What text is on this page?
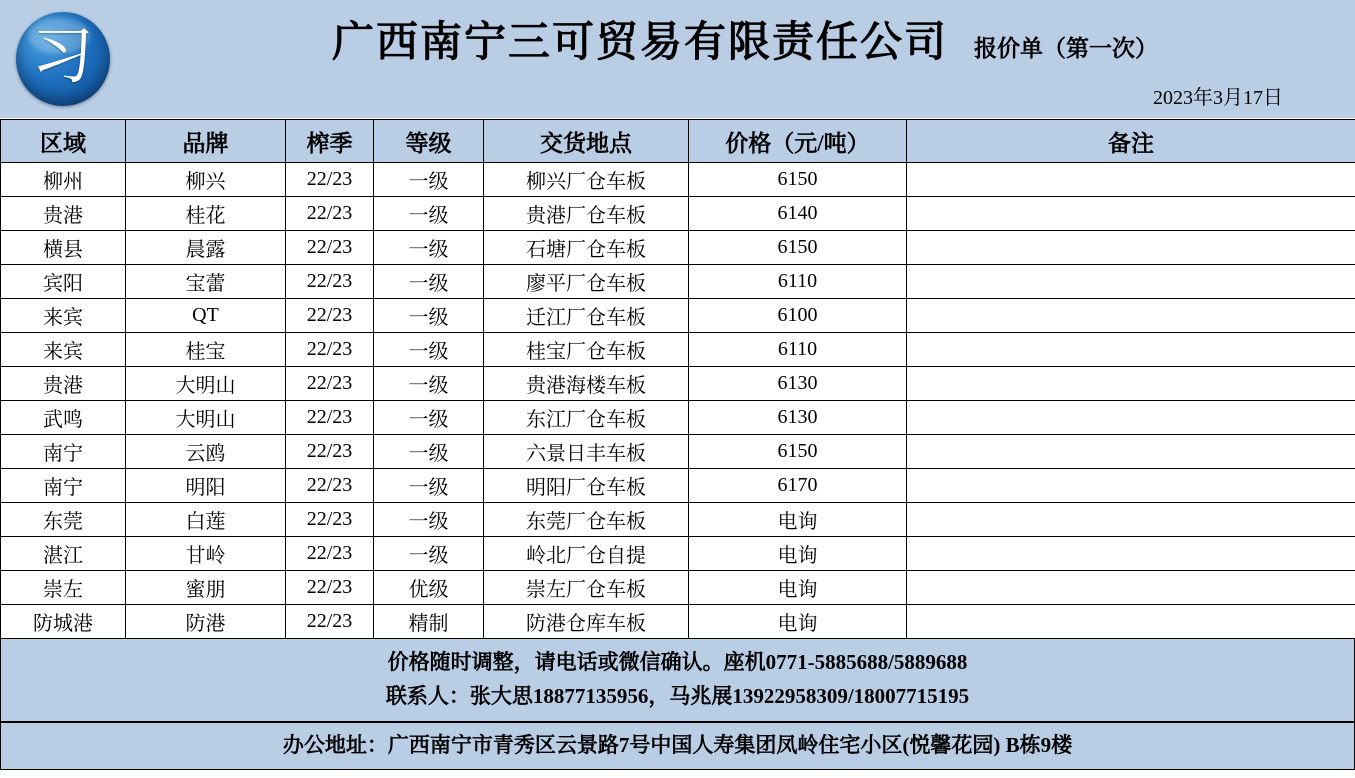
习	广西南宁三可贸易有限责任公司 报价单（第一次）
2023年3月17日
区域	品牌	榨季	等级	交货地点	价格（元/吨）	备注
柳州	柳兴	22/23	一级	柳兴厂仓车板	6150	
贵港	桂花	22/23	一级	贵港厂仓车板	6140	
横县	晨露	22/23	一级	石塘厂仓车板	6150	
宾阳	宝蕾	22/23	一级	廖平厂仓车板	6110	
来宾	QT	22/23	一级	迁江厂仓车板	6100	
来宾	桂宝	22/23	一级	桂宝厂仓车板	6110	
贵港	大明山	22/23	一级	贵港海楼车板	6130	
武鸣	大明山	22/23	一级	东江厂仓车板	6130	
南宁	云鸥	22/23	一级	六景日丰车板	6150	
南宁	明阳	22/23	一级	明阳厂仓车板	6170	
东莞	白莲	22/23	一级	东莞厂仓车板	电询	
湛江	甘岭	22/23	一级	岭北厂仓自提	电询	
崇左	蜜朋	22/23	优级	崇左厂仓车板	电询	
防城港	防港	22/23	精制	防港仓库车板	电询	
价格随时调整，请电话或微信确认。座机0771-5885688/5889688
联系人：张大思18877135956，马兆展13922958309/18007715195
办公地址：广西南宁市青秀区云景路7号中国人寿集团凤岭住宅小区(悦馨花园) B栋9楼
